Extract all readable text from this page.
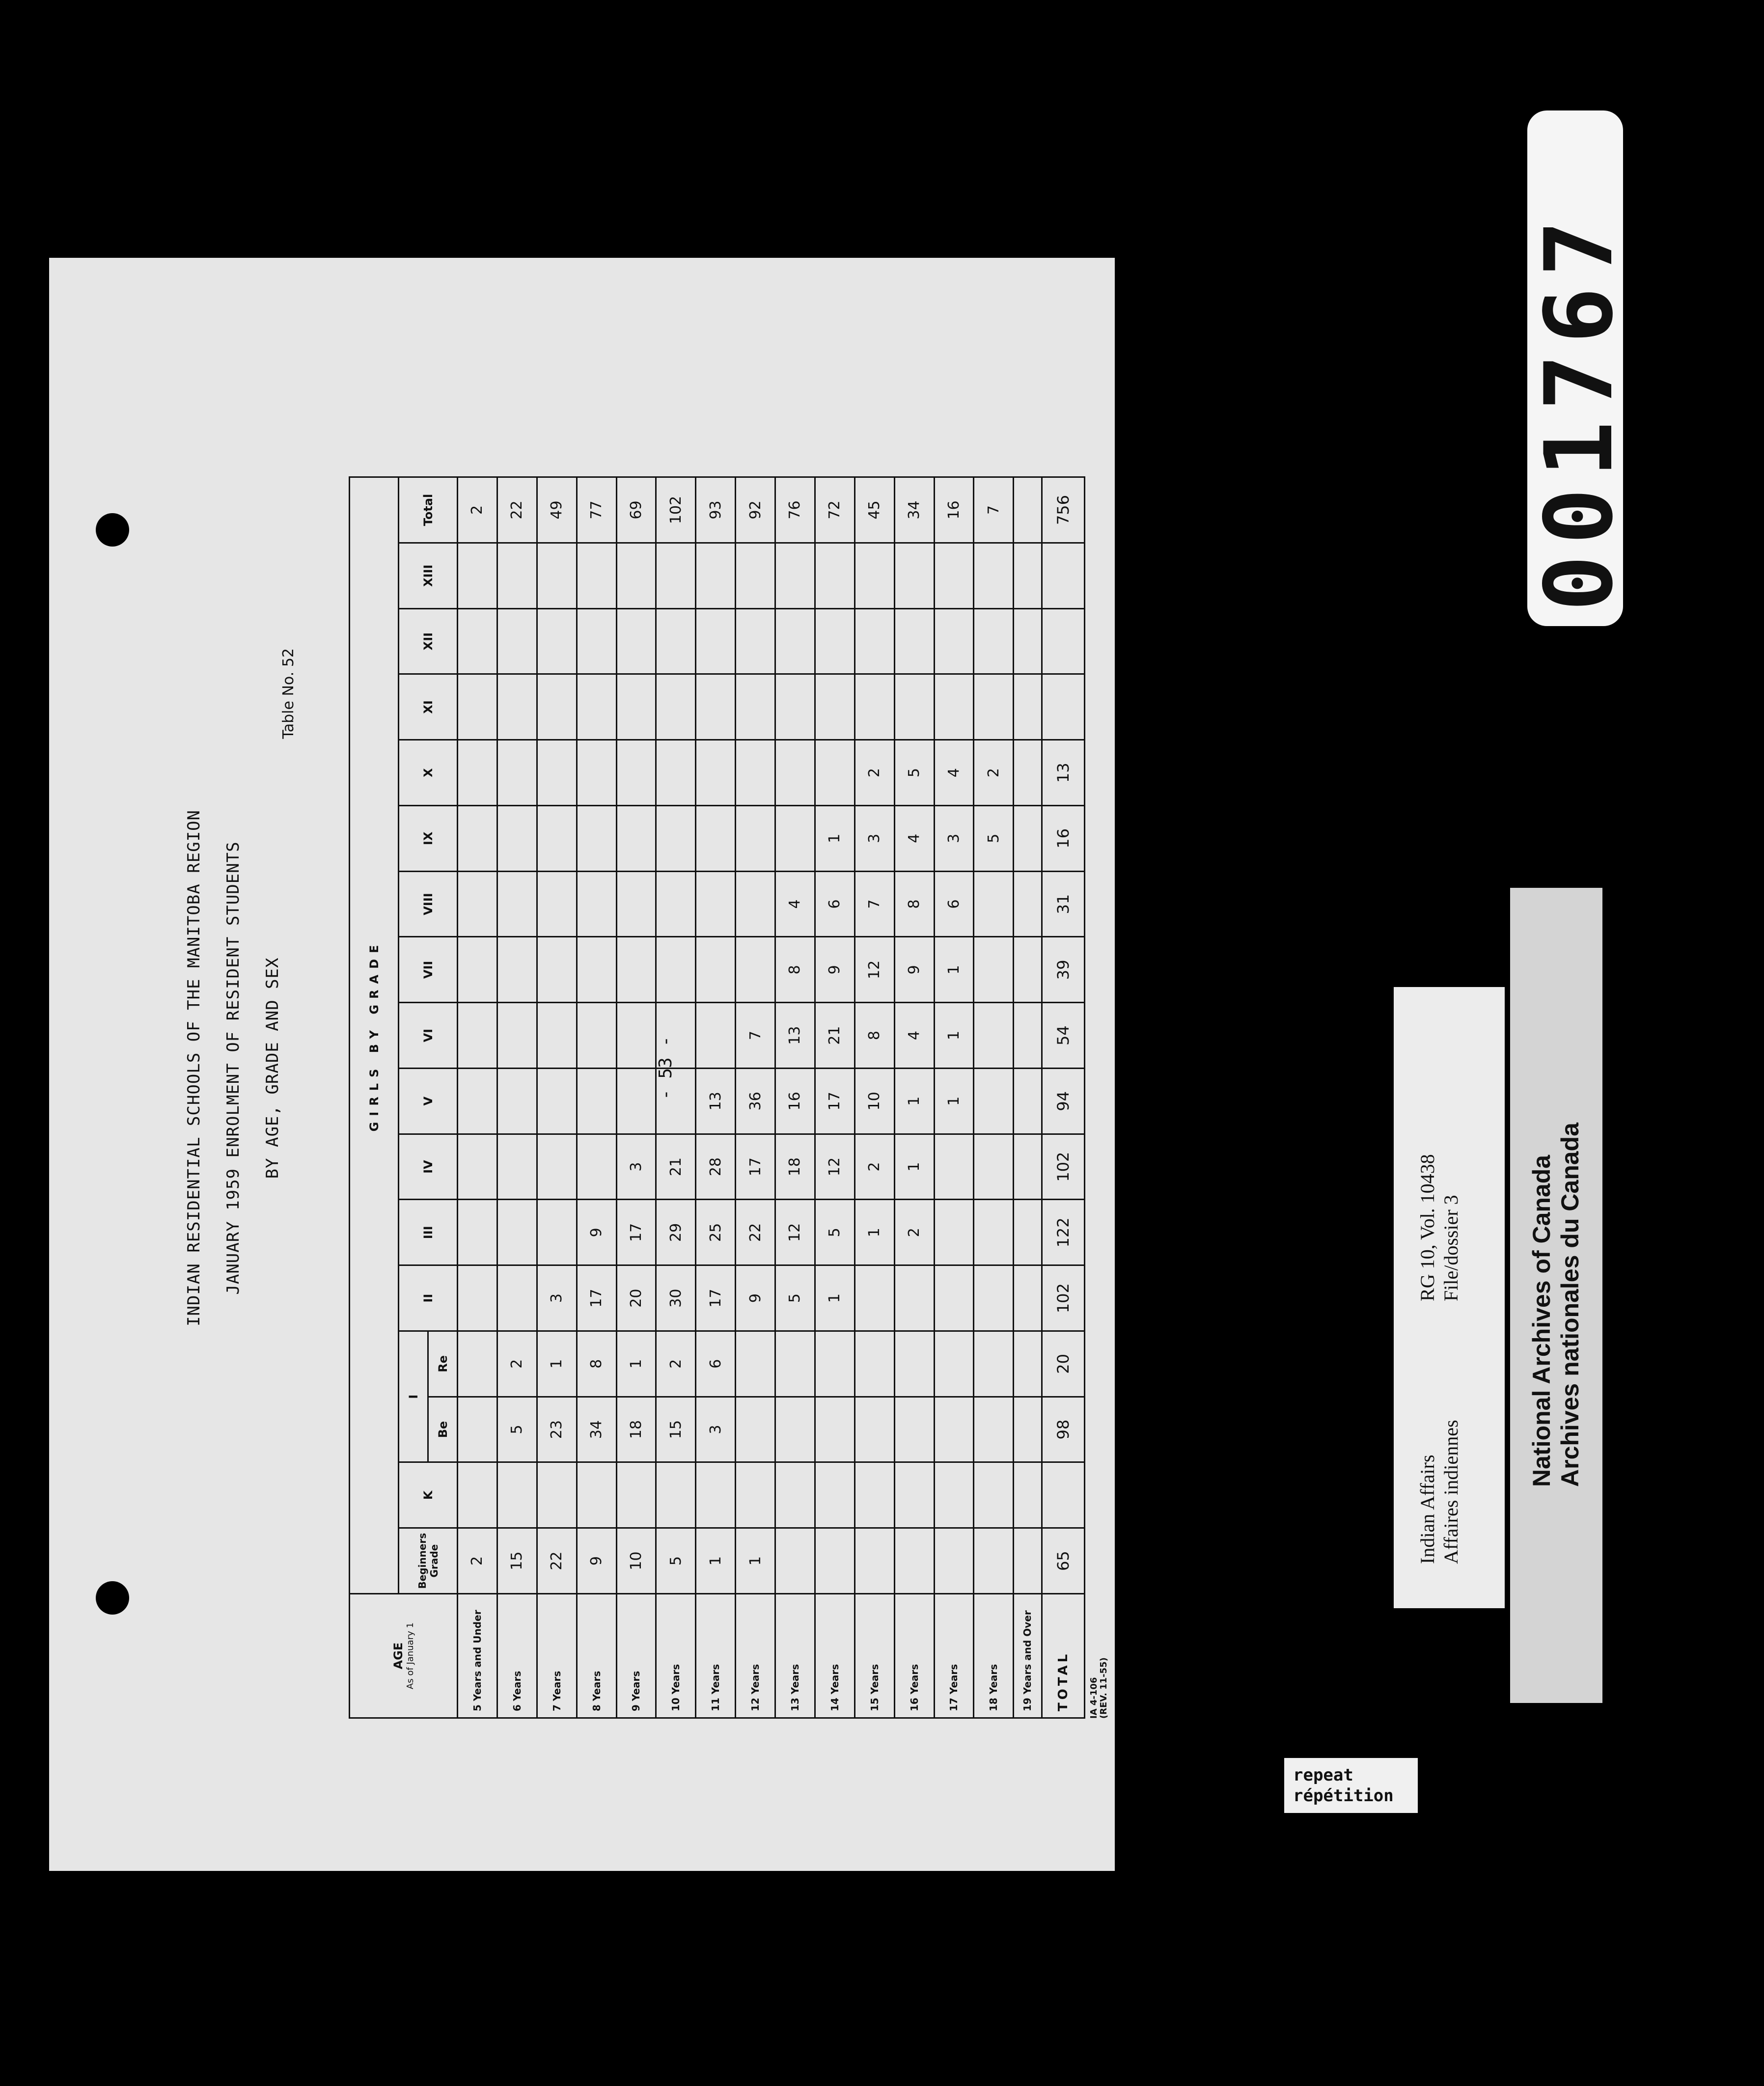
INDIAN RESIDENTIAL SCHOOLS OF THE MANITOBA REGION JANUARY 1959 ENROLMENT OF RESIDENT STUDENTS BY AGE, GRADE AND SEX
Table No. 52
- 53 -
AGE As of January 1	GIRLS BY GRADE																
	Beginners Grade	K	I		II	III	IV	V	VI	VII	VIII	IX	X	XI	XII	XIII	Total
			Be	Re													
5 Years and Under	2																2
6 Years	15		5	2													22
7 Years	22		23	1	3												49
8 Years	9		34	8	17	9											77
9 Years	10		18	1	20	17	3										69
10 Years	5		15	2	30	29	21										102
11 Years	1		3	6	17	25	28	13									93
12 Years	1				9	22	17	36	7								92
13 Years					5	12	18	16	13	8	4						76
14 Years					1	5	12	17	21	9	6	1					72
15 Years						1	2	10	8	12	7	3	2				45
16 Years						2	1	1	4	9	8	4	5				34
17 Years								1	1	1	6	3	4				16
18 Years												5	2				7
19 Years and Over																	
TOTAL	65		98	20	102	122	102	94	54	39	31	16	13				756
IA 4-106 (REV. 11-55)
Indian Affairs Affaires indiennes
RG 10, Vol. 10438 File/dossier 3	National Archives of Canada Archives nationales du Canada
repeat
répétition
001767
